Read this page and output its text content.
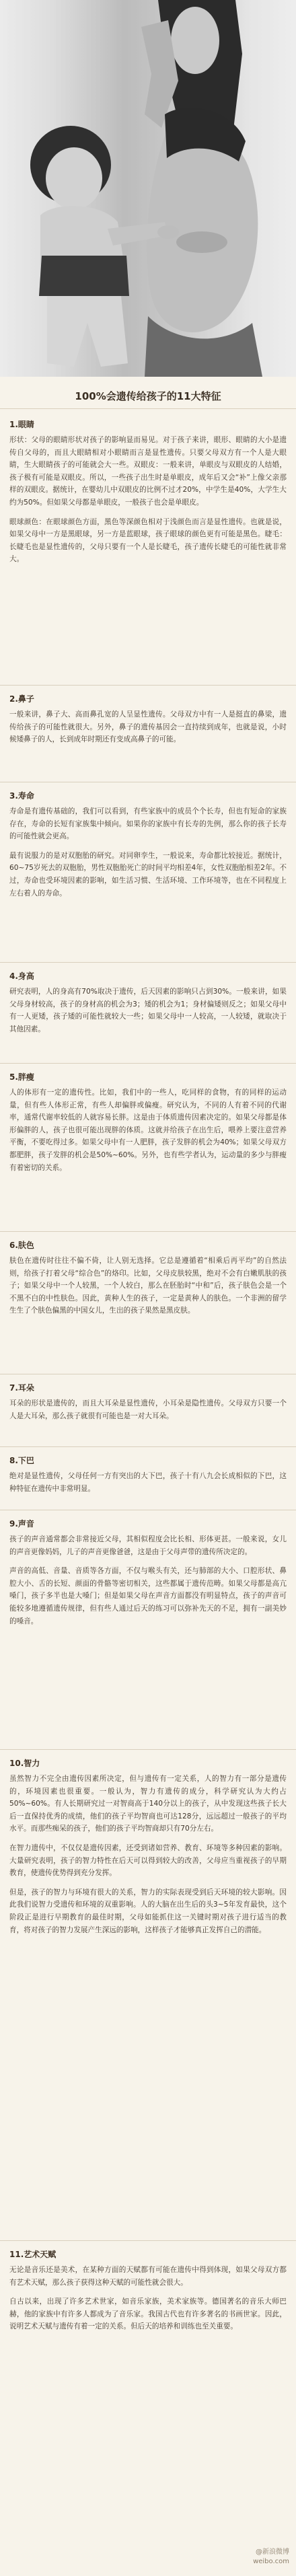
100%会遗传给孩子的11大特征
1.眼睛

形状：父母的眼睛形状对孩子的影响显而易见。对于孩子来讲，眼形、眼睛的大小是遗传自父母的，而且大眼睛相对小眼睛而言是显性遗传。只要父母双方有一个人是大眼睛，生大眼睛孩子的可能就会大一些。双眼皮：一般来讲，单眼皮与双眼皮的人结婚，孩子极有可能是双眼皮。所以，一些孩子出生时是单眼皮，成年后又会“补”上像父亲那样的双眼皮。据统计，在婴幼儿中双眼皮的比例不过才20%，中学生是40%，大学生大约为50%。但如果父母都是单眼皮，一般孩子也会是单眼皮。

眼球颜色：在眼球颜色方面，黑色等深颜色相对于浅颜色而言是显性遗传。也就是说，如果父母中一方是黑眼球，另一方是蓝眼球，孩子眼球的颜色更有可能是黑色。睫毛：长睫毛也是显性遗传的，父母只要有一个人是长睫毛，孩子遗传长睫毛的可能性就非常大。

2.鼻子

一般来讲，鼻子大、高而鼻孔宽的人呈显性遗传。父母双方中有一人是挺直的鼻梁，遗传给孩子的可能性就很大。另外，鼻子的遗传基因会一直持续到成年，也就是说，小时候矮鼻子的人，长到成年时期还有变成高鼻子的可能。

3.寿命

寿命是有遗传基础的，我们可以看到，有些家族中的成员个个长寿，但也有短命的家族存在，寿命的长短有家族集中倾向。如果你的家族中有长寿的先例，那么你的孩子长寿的可能性就会更高。

最有说服力的是对双胞胎的研究。对同卵孪生，一般说来，寿命都比较接近。据统计，60~75岁死去的双胞胎，男性双胞胎死亡的时间平均相差4年，女性双胞胎相差2年。不过，寿命也受环境因素的影响，如生活习惯、生活环境、工作环境等，也在不同程度上左右着人的寿命。

4.身高

研究表明，人的身高有70%取决于遗传，后天因素的影响只占到30%。一般来讲，如果父母身材较高，孩子的身材高的机会为3；矮的机会为1；身材偏矮则反之；如果父母中有一人更矮，孩子矮的可能性就较大一些；如果父母中一人较高，一人较矮，就取决于其他因素。

5.胖瘦

人的体形有一定的遗传性。比如，我们中的一些人，吃同样的食物，有的同样的运动量，但有些人体形正常，有些人却偏胖或偏瘦。研究认为，不同的人有着不同的代谢率，通常代谢率较低的人就容易长胖。这是由于体质遗传因素决定的。如果父母都是体形偏胖的人，孩子也很可能出现胖的体质。这就并给孩子在出生后，喂养上要注意营养平衡，不要吃得过多。如果父母中有一人肥胖，孩子发胖的机会为40%；如果父母双方都肥胖，孩子发胖的机会是50%~60%。另外，也有些学者认为，运动量的多少与胖瘦有着密切的关系。

6.肤色

肤色在遗传时往往不偏不倚，让人别无选择。它总是遵循着“相乘后再平均”的自然法则，给孩子打着父母“综合色”的烙印。比如，父母皮肤较黑，绝对不会有白嫩肌肤的孩子；如果父母中一个人较黑，一个人较白，那么在胚胎时“中和”后，孩子肤色会是一个不黑不白的中性肤色。因此，黄种人生的孩子，一定是黄种人的肤色。一个非洲的留学生生了个肤色偏黑的中国女儿，生出的孩子果然是黑皮肤。

7.耳朵

耳朵的形状是遗传的，而且大耳朵是显性遗传，小耳朵是隐性遗传。父母双方只要一个人是大耳朵，那么孩子就很有可能也是一对大耳朵。

8.下巴

绝对是显性遗传，父母任何一方有突出的大下巴，孩子十有八九会长成相似的下巴，这种特征在遗传中非常明显。

9.声音

孩子的声音通常都会非常接近父母，其相似程度会比长相、形体更甚。一般来说，女儿的声音更像妈妈，儿子的声音更像爸爸，这是由于父母声带的遗传所决定的。

声音的高低、音量、音质等各方面，不仅与喉头有关，还与肺部的大小、口腔形状、鼻腔大小、舌的长短、颜面的骨骼等密切相关，这些都属于遗传范畴。如果父母都是高亢嗓门，孩子多半也是大嗓门；但是如果父母在声音方面都没有明显特点，孩子的声音可能较多地遵循遗传规律，但有些人通过后天的练习可以弥补先天的不足，拥有一副美妙的嗓音。

10.智力

虽然智力不完全由遗传因素所决定，但与遗传有一定关系，人的智力有一部分是遗传的，环境因素也很重要。一般认为，智力有遗传的成分，科学研究认为大约占50%~60%。有人长期研究过一对智商高于140分以上的孩子，从中发现这些孩子长大后一直保持优秀的成绩，他们的孩子平均智商也可达128分，远远超过一般孩子的平均水平。而那些痴呆的孩子，他们的孩子平均智商却只有70分左右。

在智力遗传中，不仅仅是遗传因素，还受到诸如营养、教育、环境等多种因素的影响。大量研究表明，孩子的智力特性在后天可以得到较大的改善，父母应当重视孩子的早期教育，使遗传优势得到充分发挥。

但是，孩子的智力与环境有很大的关系，智力的实际表现受到后天环境的较大影响。因此我们说智力受遗传和环境的双重影响。人的大脑在出生后的头3~5年发育最快，这个阶段正是进行早期教育的最佳时期，父母如能抓住这一关键时期对孩子进行适当的教育，将对孩子的智力发展产生深远的影响，这样孩子才能够真正发挥自己的潜能。

11.艺术天赋

无论是音乐还是美术，在某种方面的天赋都有可能在遗传中得到体现，如果父母双方都有艺术天赋，那么孩子获得这种天赋的可能性就会很大。

自古以来，出现了许多艺术世家，如音乐家族，美术家族等。德国著名的音乐大师巴赫，他的家族中有许多人都成为了音乐家。我国古代也有许多著名的书画世家。因此，说明艺术天赋与遗传有着一定的关系。但后天的培养和训练也至关重要。

@新浪微博
weibo.com
